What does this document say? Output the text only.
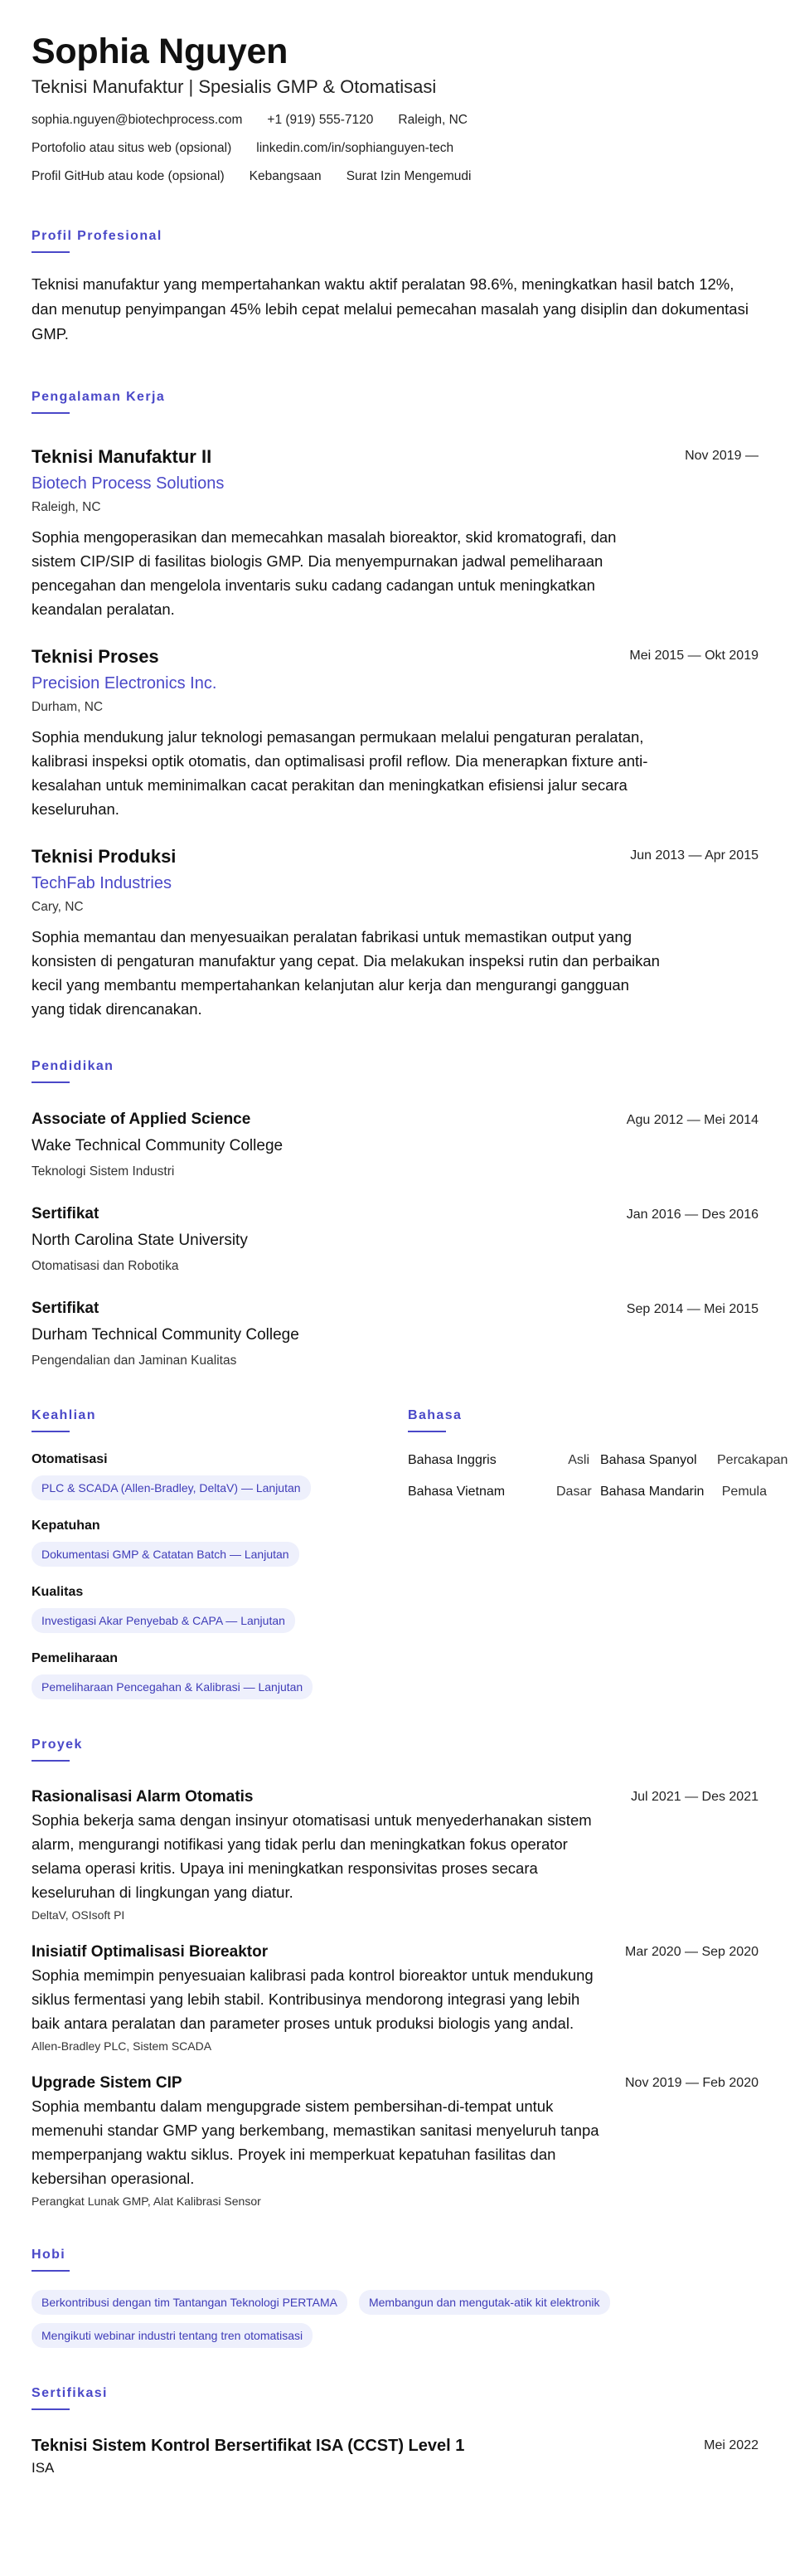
Sophia Nguyen
Teknisi Manufaktur | Spesialis GMP & Otomatisasi
sophia.nguyen@biotechprocess.com +1 (919) 555-7120 Raleigh, NC
Portofolio atau situs web (opsional) linkedin.com/in/sophianguyen-tech
Profil GitHub atau kode (opsional) Kebangsaan Surat Izin Mengemudi
Profil Profesional
Teknisi manufaktur yang mempertahankan waktu aktif peralatan 98.6%, meningkatkan hasil batch 12%, dan menutup penyimpangan 45% lebih cepat melalui pemecahan masalah yang disiplin dan dokumentasi GMP.
Pengalaman Kerja
Teknisi Manufaktur II	Nov 2019 —
Biotech Process Solutions
Raleigh, NC
Sophia mengoperasikan dan memecahkan masalah bioreaktor, skid kromatografi, dan sistem CIP/SIP di fasilitas biologis GMP. Dia menyempurnakan jadwal pemeliharaan pencegahan dan mengelola inventaris suku cadang cadangan untuk meningkatkan keandalan peralatan.
Teknisi Proses	Mei 2015 — Okt 2019
Precision Electronics Inc.
Durham, NC
Sophia mendukung jalur teknologi pemasangan permukaan melalui pengaturan peralatan, kalibrasi inspeksi optik otomatis, dan optimalisasi profil reflow. Dia menerapkan fixture anti-kesalahan untuk meminimalkan cacat perakitan dan meningkatkan efisiensi jalur secara keseluruhan.
Teknisi Produksi	Jun 2013 — Apr 2015
TechFab Industries
Cary, NC
Sophia memantau dan menyesuaikan peralatan fabrikasi untuk memastikan output yang konsisten di pengaturan manufaktur yang cepat. Dia melakukan inspeksi rutin dan perbaikan kecil yang membantu mempertahankan kelanjutan alur kerja dan mengurangi gangguan yang tidak direncanakan.
Pendidikan
Associate of Applied Science	Agu 2012 — Mei 2014
Wake Technical Community College
Teknologi Sistem Industri
Sertifikat	Jan 2016 — Des 2016
North Carolina State University
Otomatisasi dan Robotika
Sertifikat	Sep 2014 — Mei 2015
Durham Technical Community College
Pengendalian dan Jaminan Kualitas
Keahlian
Otomatisasi
PLC & SCADA (Allen-Bradley, DeltaV) — Lanjutan
Kepatuhan
Dokumentasi GMP & Catatan Batch — Lanjutan
Kualitas
Investigasi Akar Penyebab & CAPA — Lanjutan
Pemeliharaan
Pemeliharaan Pencegahan & Kalibrasi — Lanjutan
Bahasa
Bahasa Inggris	Asli Bahasa Spanyol	Percakapan
Bahasa Vietnam	Dasar Bahasa Mandarin	Pemula
Proyek
Rasionalisasi Alarm Otomatis	Jul 2021 — Des 2021
Sophia bekerja sama dengan insinyur otomatisasi untuk menyederhanakan sistem alarm, mengurangi notifikasi yang tidak perlu dan meningkatkan fokus operator selama operasi kritis. Upaya ini meningkatkan responsivitas proses secara keseluruhan di lingkungan yang diatur.
DeltaV, OSIsoft PI
Inisiatif Optimalisasi Bioreaktor	Mar 2020 — Sep 2020
Sophia memimpin penyesuaian kalibrasi pada kontrol bioreaktor untuk mendukung siklus fermentasi yang lebih stabil. Kontribusinya mendorong integrasi yang lebih baik antara peralatan dan parameter proses untuk produksi biologis yang andal.
Allen-Bradley PLC, Sistem SCADA
Upgrade Sistem CIP	Nov 2019 — Feb 2020
Sophia membantu dalam mengupgrade sistem pembersihan-di-tempat untuk memenuhi standar GMP yang berkembang, memastikan sanitasi menyeluruh tanpa memperpanjang waktu siklus. Proyek ini memperkuat kepatuhan fasilitas dan kebersihan operasional.
Perangkat Lunak GMP, Alat Kalibrasi Sensor
Hobi
Berkontribusi dengan tim Tantangan Teknologi PERTAMA	Membangun dan mengutak-atik kit elektronik
Mengikuti webinar industri tentang tren otomatisasi
Sertifikasi
Teknisi Sistem Kontrol Bersertifikat ISA (CCST) Level 1	Mei 2022
ISA
